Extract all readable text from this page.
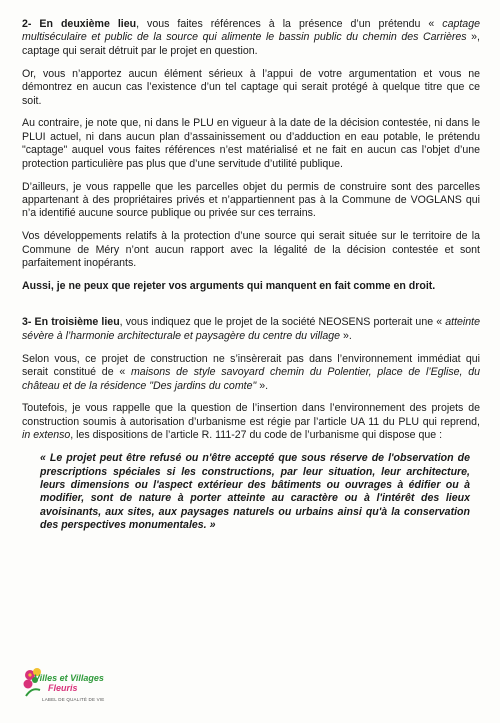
2- En deuxième lieu, vous faites références à la présence d’un prétendu « captage multiséculaire et public de la source qui alimente le bassin public du chemin des Carrières », captage qui serait détruit par le projet en question.

Or, vous n’apportez aucun élément sérieux à l’appui de votre argumentation et vous ne démontrez en aucun cas l’existence d’un tel captage qui serait protégé à quelque titre que ce soit.

Au contraire, je note que, ni dans le PLU en vigueur à la date de la décision contestée, ni dans le PLUI actuel, ni dans aucun plan d’assainissement ou d’adduction en eau potable, le prétendu "captage" auquel vous faites références n’est matérialisé et ne fait en aucun cas l’objet d’une protection particulière pas plus que d’une servitude d’utilité publique.

D’ailleurs, je vous rappelle que les parcelles objet du permis de construire sont des parcelles appartenant à des propriétaires privés et n’appartiennent pas à la Commune de VOGLANS qui n’a identifié aucune source publique ou privée sur ces terrains.

Vos développements relatifs à la protection d’une source qui serait située sur le territoire de la Commune de Méry n’ont aucun rapport avec la légalité de la décision contestée et sont parfaitement inopérants.

Aussi, je ne peux que rejeter vos arguments qui manquent en fait comme en droit.

3- En troisième lieu, vous indiquez que le projet de la société NEOSENS porterait une « atteinte sévère à l’harmonie architecturale et paysagère du centre du village ».

Selon vous, ce projet de construction ne s’insèrerait pas dans l’environnement immédiat qui serait constitué de « maisons de style savoyard chemin du Polentier, place de l’Eglise, du château et de la résidence "Des jardins du comte" ».

Toutefois, je vous rappelle que la question de l’insertion dans l’environnement des projets de construction soumis à autorisation d’urbanisme est régie par l’article UA 11 du PLU qui reprend, in extenso, les dispositions de l’article R. 111-27 du code de l’urbanisme qui dispose que :

« Le projet peut être refusé ou n'être accepté que sous réserve de l'observation de prescriptions spéciales si les constructions, par leur situation, leur architecture, leurs dimensions ou l'aspect extérieur des bâtiments ou ouvrages à édifier ou à modifier, sont de nature à porter atteinte au caractère ou à l'intérêt des lieux avoisinants, aux sites, aux paysages naturels ou urbains ainsi qu'à la conservation des perspectives monumentales. »

Villes et Villages
Fleuris
LABEL DE QUALITÉ DE VIE
